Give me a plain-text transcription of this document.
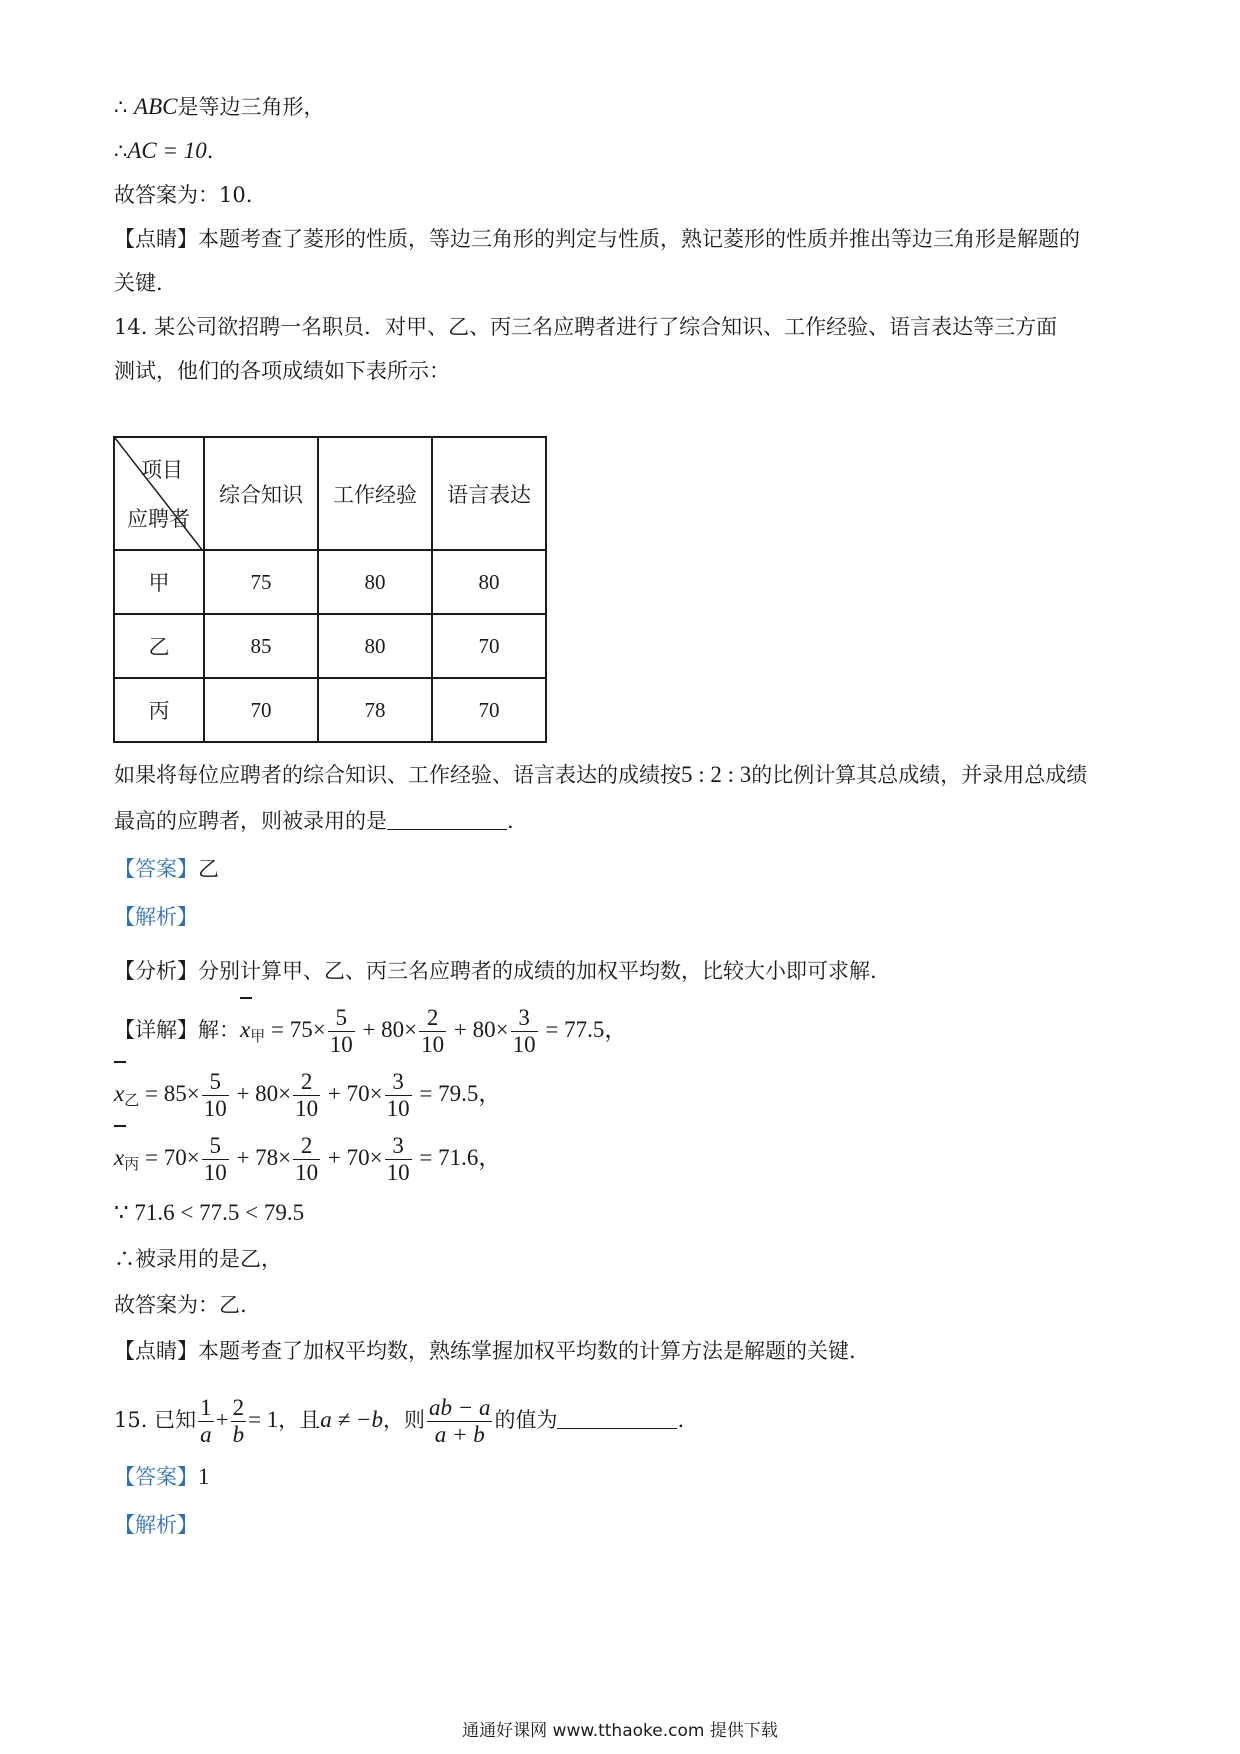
∴ ABC是等边三角形，
∴AC = 10.
故答案为：10.
【点睛】本题考查了菱形的性质，等边三角形的判定与性质，熟记菱形的性质并推出等边三角形是解题的
关键.
14. 某公司欲招聘一名职员．对甲、乙、丙三名应聘者进行了综合知识、工作经验、语言表达等三方面
测试，他们的各项成绩如下表所示：
项目
应聘者	综合知识	工作经验	语言表达
甲	75	80	80
乙	85	80	70
丙	70	78	70
如果将每位应聘者的综合知识、工作经验、语言表达的成绩按5 : 2 : 3的比例计算其总成绩，并录用总成绩
最高的应聘者，则被录用的是	.
【答案】乙
【解析】
【分析】分别计算甲、乙、丙三名应聘者的成绩的加权平均数，比较大小即可求解.
【详解】解：$x_甲 = 75\times \frac{5}{10} + 80\times \frac{2}{10} + 80\times \frac{3}{10} = 77.5$，
$x_乙 = 85\times \frac{5}{10} + 80\times \frac{2}{10} + 70\times \frac{3}{10} = 79.5$，
$x_丙 = 70\times \frac{5}{10} + 78\times \frac{2}{10} + 70\times \frac{3}{10} = 71.6$，
∵ 71.6 < 77.5 < 79.5
∴被录用的是乙，
故答案为：乙.
【点睛】本题考查了加权平均数，熟练掌握加权平均数的计算方法是解题的关键.
15. 已知 $\frac{1}{a} + \frac{2}{b} = 1$，且a ≠ −b，则 $\frac{ab - a}{a + b}$ 的值为	.
【答案】1
【解析】
通通好课网 www.tthaoke.com 提供下载
